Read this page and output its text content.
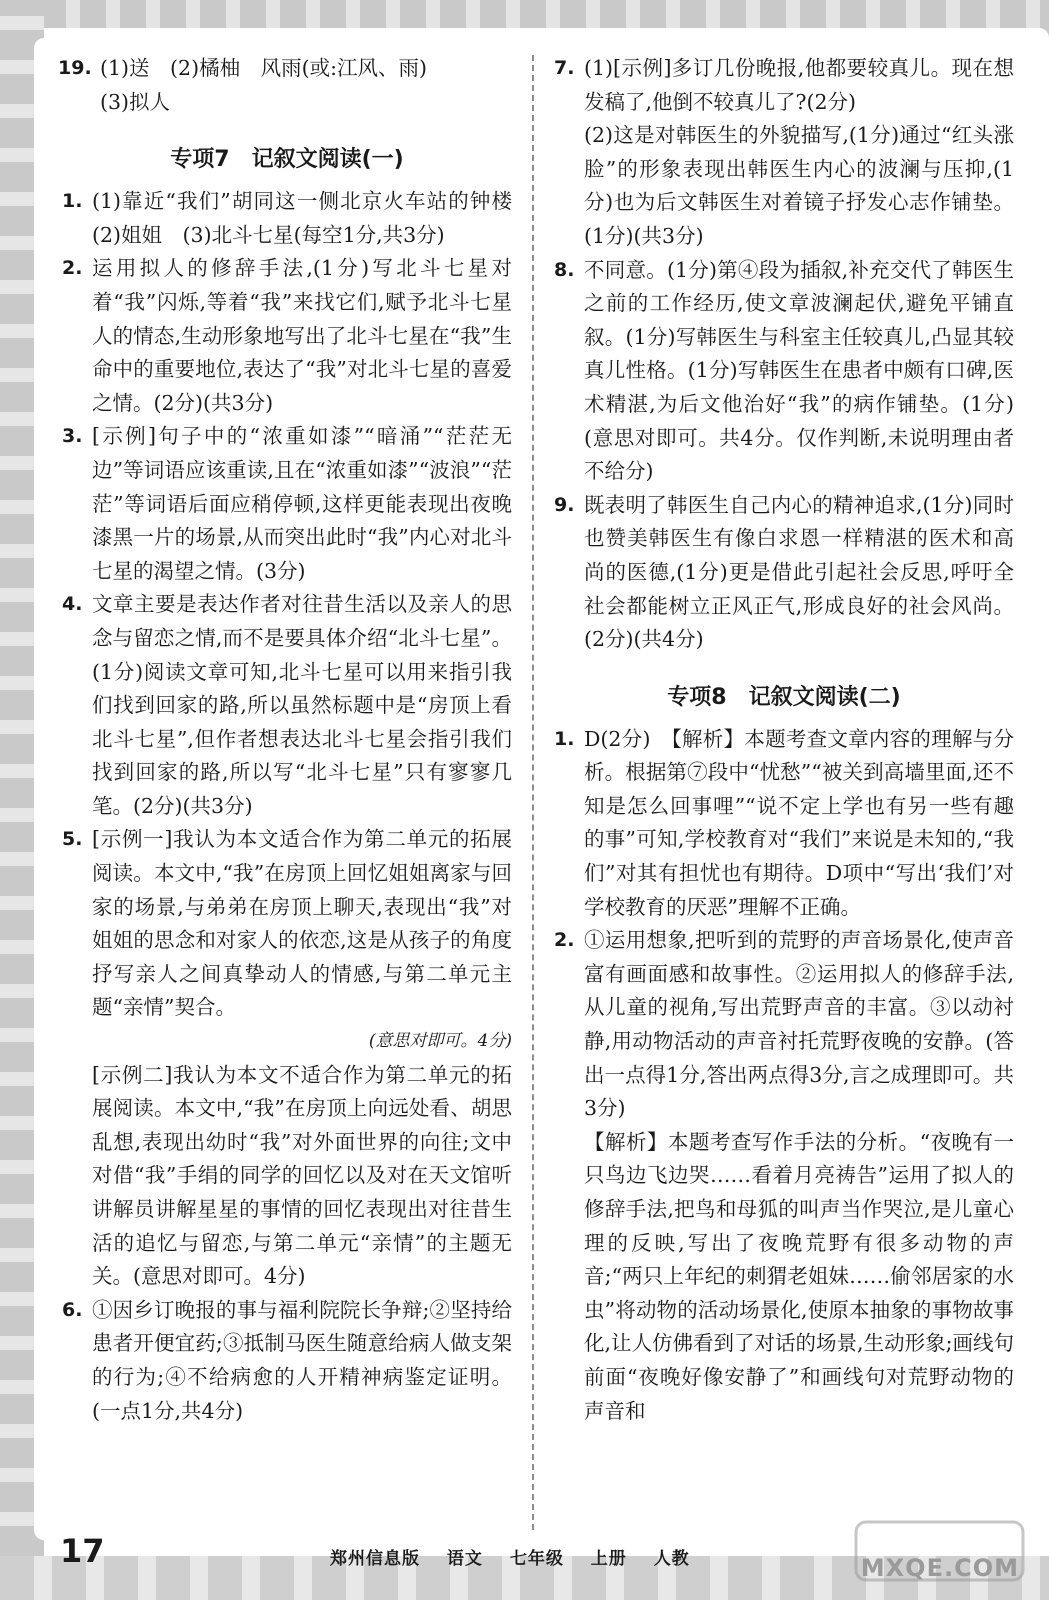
19. (1)送　(2)橘柚　风雨(或:江风、雨)
(3)拟人
专项7　记叙文阅读(一)
1. (1)靠近“我们”胡同这一侧北京火车站的钟楼　(2)姐姐　(3)北斗七星(每空1分,共3分)
2. 运用拟人的修辞手法,(1分)写北斗七星对着“我”闪烁,等着“我”来找它们,赋予北斗七星人的情态,生动形象地写出了北斗七星在“我”生命中的重要地位,表达了“我”对北斗七星的喜爱之情。(2分)(共3分)
3. [示例]句子中的“浓重如漆”“暗涌”“茫茫无边”等词语应该重读,且在“浓重如漆”“波浪”“茫茫”等词语后面应稍停顿,这样更能表现出夜晚漆黑一片的场景,从而突出此时“我”内心对北斗七星的渴望之情。(3分)
4. 文章主要是表达作者对往昔生活以及亲人的思念与留恋之情,而不是要具体介绍“北斗七星”。(1分)阅读文章可知,北斗七星可以用来指引我们找到回家的路,所以虽然标题中是“房顶上看北斗七星”,但作者想表达北斗七星会指引我们找到回家的路,所以写“北斗七星”只有寥寥几笔。(2分)(共3分)
5. [示例一]我认为本文适合作为第二单元的拓展阅读。本文中,“我”在房顶上回忆姐姐离家与回家的场景,与弟弟在房顶上聊天,表现出“我”对姐姐的思念和对家人的依恋,这是从孩子的角度抒写亲人之间真挚动人的情感,与第二单元主题“亲情”契合。
(意思对即可。4分)
[示例二]我认为本文不适合作为第二单元的拓展阅读。本文中,“我”在房顶上向远处看、胡思乱想,表现出幼时“我”对外面世界的向往;文中对借“我”手绢的同学的回忆以及对在天文馆听讲解员讲解星星的事情的回忆表现出对往昔生活的追忆与留恋,与第二单元“亲情”的主题无关。(意思对即可。4分)
6. ①因乡订晚报的事与福利院院长争辩;②坚持给患者开便宜药;③抵制马医生随意给病人做支架的行为;④不给病愈的人开精神病鉴定证明。(一点1分,共4分)
7. (1)[示例]多订几份晚报,他都要较真儿。现在想发稿了,他倒不较真儿了?(2分)
(2)这是对韩医生的外貌描写,(1分)通过“红头涨脸”的形象表现出韩医生内心的波澜与压抑,(1分)也为后文韩医生对着镜子抒发心志作铺垫。(1分)(共3分)
8. 不同意。(1分)第④段为插叙,补充交代了韩医生之前的工作经历,使文章波澜起伏,避免平铺直叙。(1分)写韩医生与科室主任较真儿,凸显其较真儿性格。(1分)写韩医生在患者中颇有口碑,医术精湛,为后文他治好“我”的病作铺垫。(1分)(意思对即可。共4分。仅作判断,未说明理由者不给分)
9. 既表明了韩医生自己内心的精神追求,(1分)同时也赞美韩医生有像白求恩一样精湛的医术和高尚的医德,(1分)更是借此引起社会反思,呼吁全社会都能树立正风正气,形成良好的社会风尚。(2分)(共4分)
专项8　记叙文阅读(二)
1. D(2分)　【解析】本题考查文章内容的理解与分析。根据第⑦段中“忧愁”“被关到高墙里面,还不知是怎么回事哩”“说不定上学也有另一些有趣的事”可知,学校教育对“我们”来说是未知的,“我们”对其有担忧也有期待。D项中“写出‘我们’对学校教育的厌恶”理解不正确。
2. ①运用想象,把听到的荒野的声音场景化,使声音富有画面感和故事性。②运用拟人的修辞手法,从儿童的视角,写出荒野声音的丰富。③以动衬静,用动物活动的声音衬托荒野夜晚的安静。(答出一点得1分,答出两点得3分,言之成理即可。共3分)
【解析】本题考查写作手法的分析。“夜晚有一只鸟边飞边哭……看着月亮祷告”运用了拟人的修辞手法,把鸟和母狐的叫声当作哭泣,是儿童心理的反映,写出了夜晚荒野有很多动物的声音;“两只上年纪的刺猬老姐妹……偷邻居家的水虫”将动物的活动场景化,使原本抽象的事物故事化,让人仿佛看到了对话的场景,生动形象;画线句前面“夜晚好像安静了”和画线句对荒野动物的声音和
17	郑州信息版 语文 七年级 上册 人教	MXQE.COM
